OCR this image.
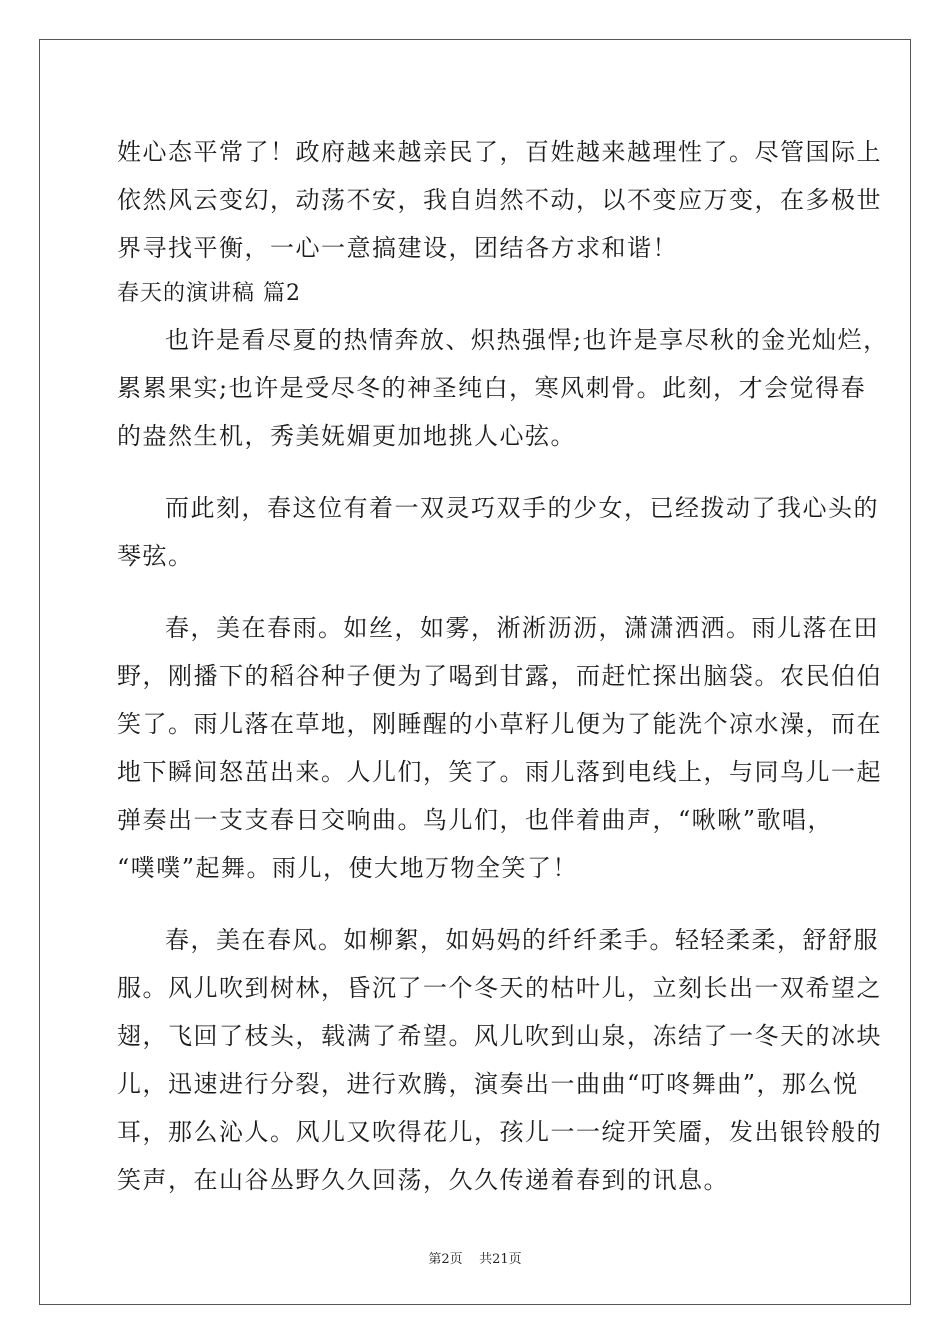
姓心态平常了！政府越来越亲民了，百姓越来越理性了。尽管国际上
依然风云变幻，动荡不安，我自岿然不动，以不变应万变，在多极世
界寻找平衡，一心一意搞建设，团结各方求和谐！
春天的演讲稿 篇2
也许是看尽夏的热情奔放、炽热强悍;也许是享尽秋的金光灿烂，
累累果实;也许是受尽冬的神圣纯白，寒风刺骨。此刻，才会觉得春
的盎然生机，秀美妩媚更加地挑人心弦。
而此刻，春这位有着一双灵巧双手的少女，已经拨动了我心头的
琴弦。
春，美在春雨。如丝，如雾，淅淅沥沥，潇潇洒洒。雨儿落在田
野，刚播下的稻谷种子便为了喝到甘露，而赶忙探出脑袋。农民伯伯
笑了。雨儿落在草地，刚睡醒的小草籽儿便为了能洗个凉水澡，而在
地下瞬间怒茁出来。人儿们，笑了。雨儿落到电线上，与同鸟儿一起
弹奏出一支支春日交响曲。鸟儿们，也伴着曲声，“啾啾”歌唱，
“噗噗”起舞。雨儿，使大地万物全笑了！
春，美在春风。如柳絮，如妈妈的纤纤柔手。轻轻柔柔，舒舒服
服。风儿吹到树林，昏沉了一个冬天的枯叶儿，立刻长出一双希望之
翅，飞回了枝头，载满了希望。风儿吹到山泉，冻结了一冬天的冰块
儿，迅速进行分裂，进行欢腾，演奏出一曲曲“叮咚舞曲”，那么悦
耳，那么沁人。风儿又吹得花儿，孩儿一一绽开笑靥，发出银铃般的
笑声，在山谷丛野久久回荡，久久传递着春到的讯息。
第2页 共21页
